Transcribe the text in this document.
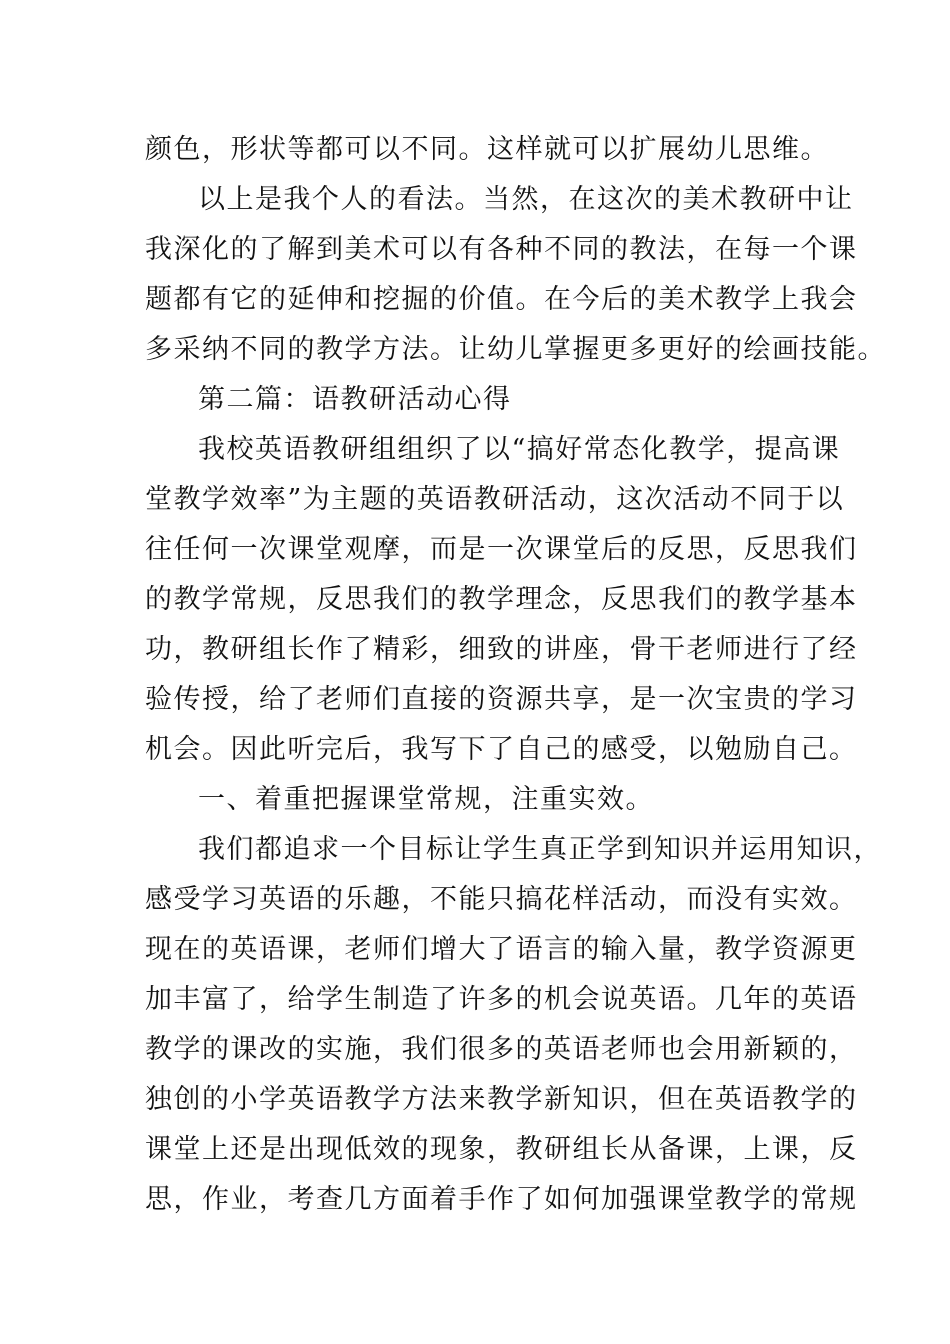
颜色，形状等都可以不同。这样就可以扩展幼儿思维。
以上是我个人的看法。当然，在这次的美术教研中让
我深化的了解到美术可以有各种不同的教法，在每一个课
题都有它的延伸和挖掘的价值。在今后的美术教学上我会
多采纳不同的教学方法。让幼儿掌握更多更好的绘画技能。
第二篇：语教研活动心得
我校英语教研组组织了以“搞好常态化教学，提高课
堂教学效率”为主题的英语教研活动，这次活动不同于以
往任何一次课堂观摩，而是一次课堂后的反思，反思我们
的教学常规，反思我们的教学理念，反思我们的教学基本
功，教研组长作了精彩，细致的讲座，骨干老师进行了经
验传授，给了老师们直接的资源共享，是一次宝贵的学习
机会。因此听完后，我写下了自己的感受，以勉励自己。
一、着重把握课堂常规，注重实效。
我们都追求一个目标让学生真正学到知识并运用知识，
感受学习英语的乐趣，不能只搞花样活动，而没有实效。
现在的英语课，老师们增大了语言的输入量，教学资源更
加丰富了，给学生制造了许多的机会说英语。几年的英语
教学的课改的实施，我们很多的英语老师也会用新颖的，
独创的小学英语教学方法来教学新知识，但在英语教学的
课堂上还是出现低效的现象，教研组长从备课，上课，反
思，作业，考查几方面着手作了如何加强课堂教学的常规
